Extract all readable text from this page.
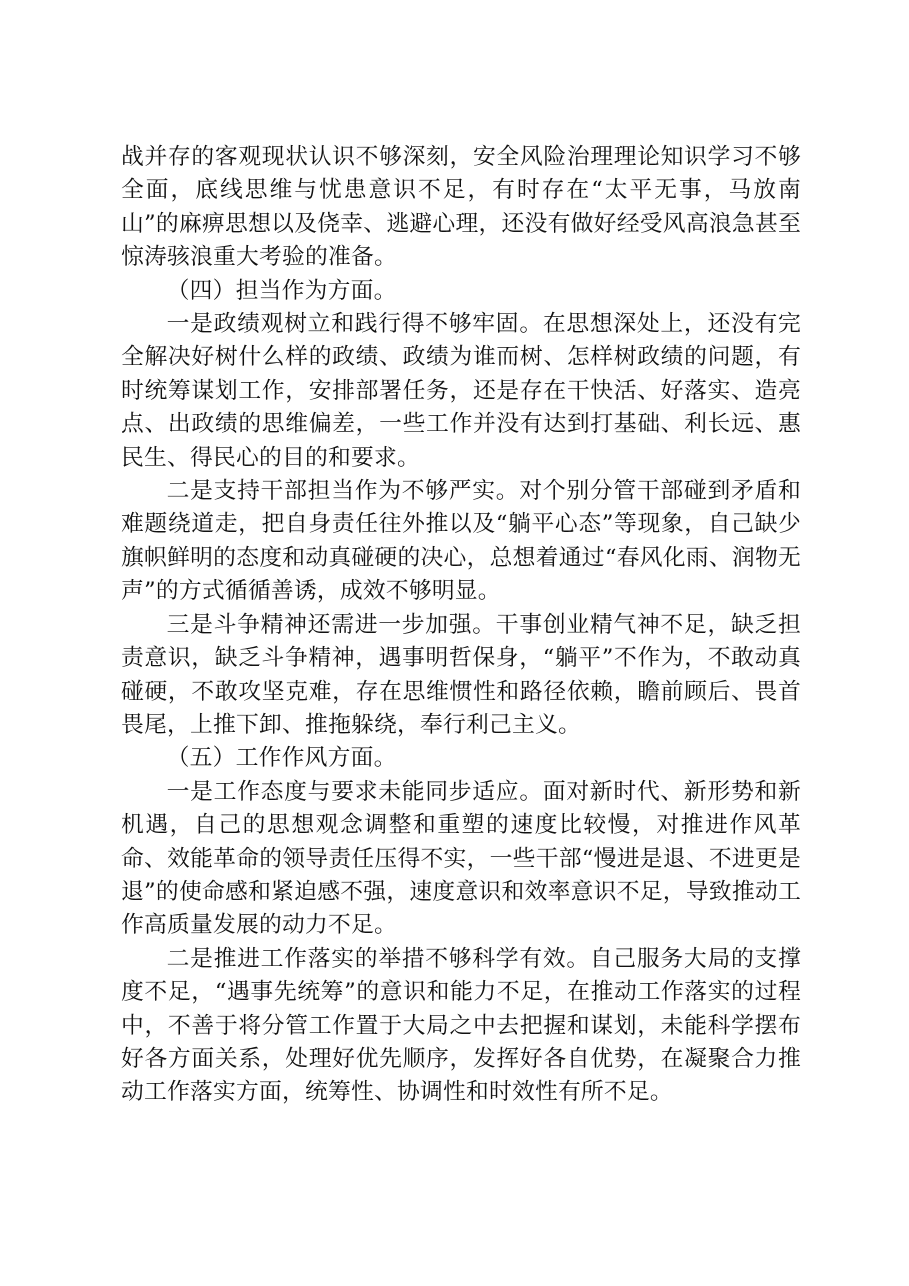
战并存的客观现状认识不够深刻，安全风险治理理论知识学习不够全面，底线思维与忧患意识不足，有时存在“太平无事，马放南山”的麻痹思想以及侥幸、逃避心理，还没有做好经受风高浪急甚至惊涛骇浪重大考验的准备。

（四）担当作为方面。

一是政绩观树立和践行得不够牢固。在思想深处上，还没有完全解决好树什么样的政绩、政绩为谁而树、怎样树政绩的问题，有时统筹谋划工作，安排部署任务，还是存在干快活、好落实、造亮点、出政绩的思维偏差，一些工作并没有达到打基础、利长远、惠民生、得民心的目的和要求。

二是支持干部担当作为不够严实。对个别分管干部碰到矛盾和难题绕道走，把自身责任往外推以及“躺平心态”等现象，自己缺少旗帜鲜明的态度和动真碰硬的决心，总想着通过“春风化雨、润物无声”的方式循循善诱，成效不够明显。

三是斗争精神还需进一步加强。干事创业精气神不足，缺乏担责意识，缺乏斗争精神，遇事明哲保身，“躺平”不作为，不敢动真碰硬，不敢攻坚克难，存在思维惯性和路径依赖，瞻前顾后、畏首畏尾，上推下卸、推拖躲绕，奉行利己主义。

（五）工作作风方面。

一是工作态度与要求未能同步适应。面对新时代、新形势和新机遇，自己的思想观念调整和重塑的速度比较慢，对推进作风革命、效能革命的领导责任压得不实，一些干部“慢进是退、不进更是退”的使命感和紧迫感不强，速度意识和效率意识不足，导致推动工作高质量发展的动力不足。

二是推进工作落实的举措不够科学有效。自己服务大局的支撑度不足，“遇事先统筹”的意识和能力不足，在推动工作落实的过程中，不善于将分管工作置于大局之中去把握和谋划，未能科学摆布好各方面关系，处理好优先顺序，发挥好各自优势，在凝聚合力推动工作落实方面，统筹性、协调性和时效性有所不足。
